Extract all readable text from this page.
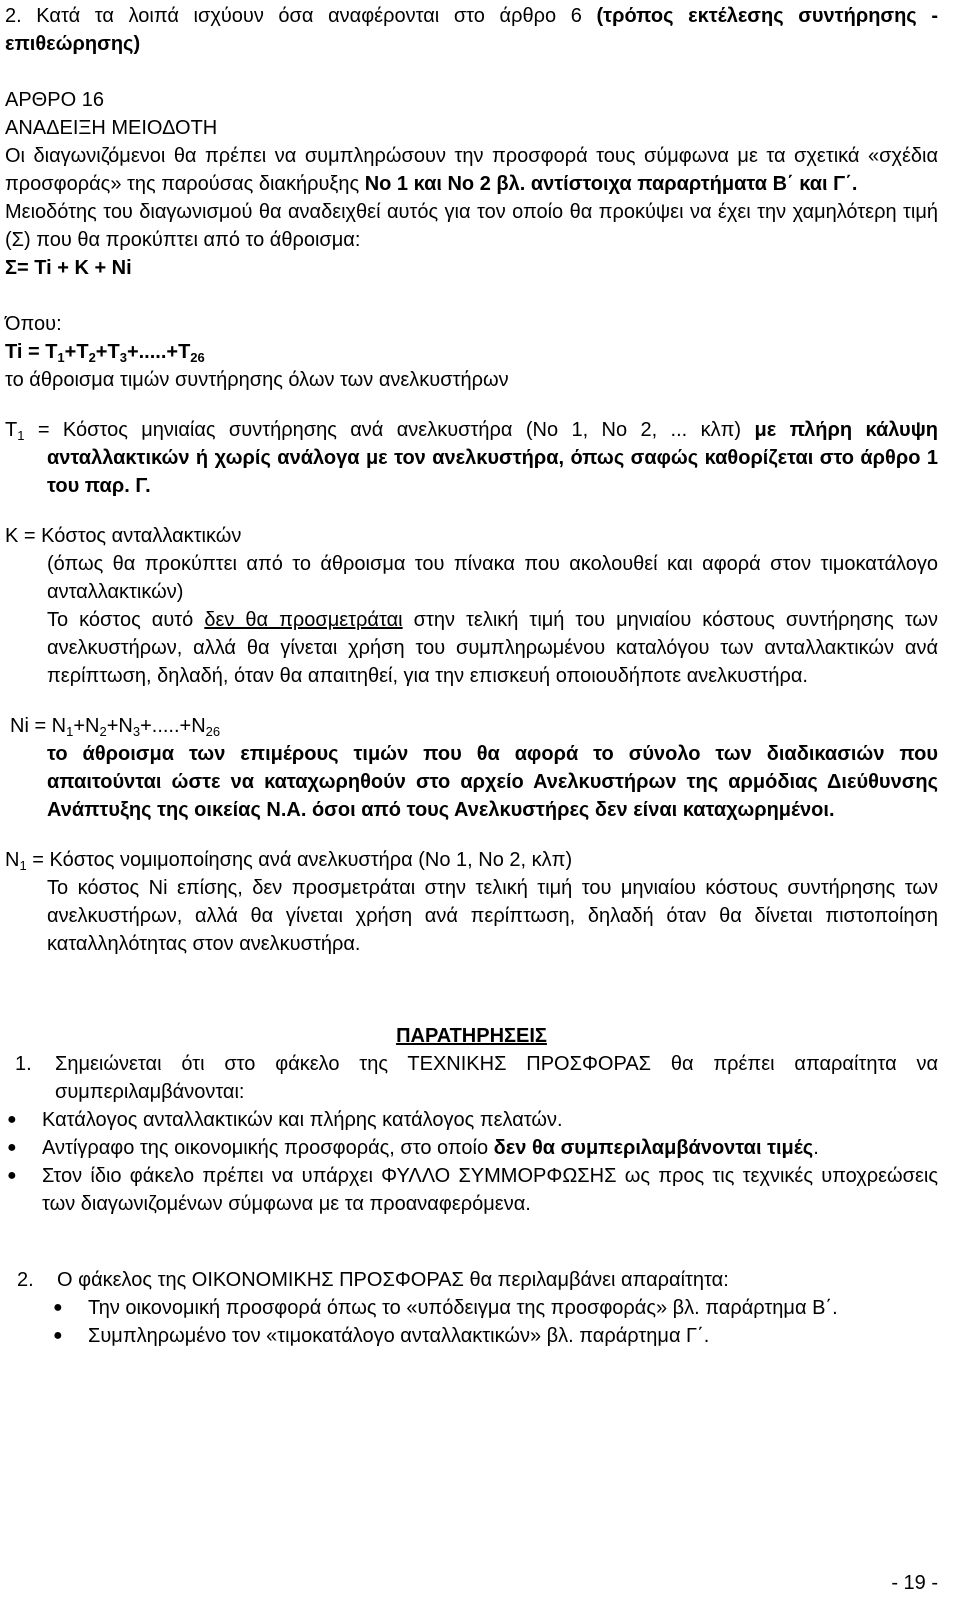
2. Κατά τα λοιπά ισχύουν όσα αναφέρονται στο άρθρο 6 (τρόπος εκτέλεσης συντήρησης - επιθεώρησης)

ΑΡΘΡΟ 16

ΑΝΑΔΕΙΞΗ ΜΕΙΟΔΟΤΗ

Οι διαγωνιζόμενοι θα πρέπει να συμπληρώσουν την προσφορά τους σύμφωνα με τα σχετικά «σχέδια προσφοράς» της παρούσας διακήρυξης Νο 1 και Νο 2 βλ. αντίστοιχα παραρτήματα Β΄ και Γ΄.

Μειοδότης του διαγωνισμού θα αναδειχθεί αυτός για τον οποίο θα προκύψει να έχει την χαμηλότερη τιμή (Σ) που θα προκύπτει από το άθροισμα:

Σ= Ti + K + Ni

Όπου:

$Ti = T_1+T_2+T_3+.....+T_{26}$

το άθροισμα τιμών συντήρησης όλων των ανελκυστήρων

$T_1 = Kό\sigma\tau o\varsigma$ μηνιαίας συντήρησης ανά ανελκυστήρα (Νο 1, Νο 2, ... κλπ) με πλήρη κάλυψη ανταλλακτικών ή χωρίς ανάλογα με τον ανελκυστήρα, όπως σαφώς καθορίζεται στο άρθρο 1 του παρ. Γ.

Κ = Κόστος ανταλλακτικών

(όπως θα προκύπτει από το άθροισμα του πίνακα που ακολουθεί και αφορά στον τιμοκατάλογο ανταλλακτικών)

Το κόστος αυτό δεν θα προσμετράται στην τελική τιμή του μηνιαίου κόστους συντήρησης των ανελκυστήρων, αλλά θα γίνεται χρήση του συμπληρωμένου καταλόγου των ανταλλακτικών ανά περίπτωση, δηλαδή, όταν θα απαιτηθεί, για την επισκευή οποιουδήποτε ανελκυστήρα.

$Ni = N_1+N_2+N_3+.....+N_{26}$

το άθροισμα των επιμέρους τιμών που θα αφορά το σύνολο των διαδικασιών που απαιτούνται ώστε να καταχωρηθούν στο αρχείο Ανελκυστήρων της αρμόδιας Διεύθυνσης Ανάπτυξης της οικείας Ν.Α. όσοι από τους Ανελκυστήρες δεν είναι καταχωρημένοι.

$N_1 = Kό\sigma\tau o\varsigma$ νομιμοποίησης ανά ανελκυστήρα (Νο 1, Νο 2, κλπ)

Το κόστος Ni επίσης, δεν προσμετράται στην τελική τιμή του μηνιαίου κόστους συντήρησης των ανελκυστήρων, αλλά θα γίνεται χρήση ανά περίπτωση, δηλαδή όταν θα δίνεται πιστοποίηση καταλληλότητας στον ανελκυστήρα.

ΠΑΡΑΤΗΡΗΣΕΙΣ

1.	Σημειώνεται ότι στο φάκελο της ΤΕΧΝΙΚΗΣ ΠΡΟΣΦΟΡΑΣ θα πρέπει απαραίτητα να συμπεριλαμβάνονται:

●	Κατάλογος ανταλλακτικών και πλήρης κατάλογος πελατών.

●	Αντίγραφο της οικονομικής προσφοράς, στο οποίο δεν θα συμπεριλαμβάνονται τιμές.

●	Στον ίδιο φάκελο πρέπει να υπάρχει ΦΥΛΛΟ ΣΥΜΜΟΡΦΩΣΗΣ ως προς τις τεχνικές υποχρεώσεις των διαγωνιζομένων σύμφωνα με τα προαναφερόμενα.

2.	Ο φάκελος της ΟΙΚΟΝΟΜΙΚΗΣ ΠΡΟΣΦΟΡΑΣ θα περιλαμβάνει απαραίτητα:

●	Την οικονομική προσφορά όπως το «υπόδειγμα της προσφοράς» βλ. παράρτημα Β΄.

●	Συμπληρωμένο τον «τιμοκατάλογο ανταλλακτικών» βλ. παράρτημα Γ΄.

- 19 -
